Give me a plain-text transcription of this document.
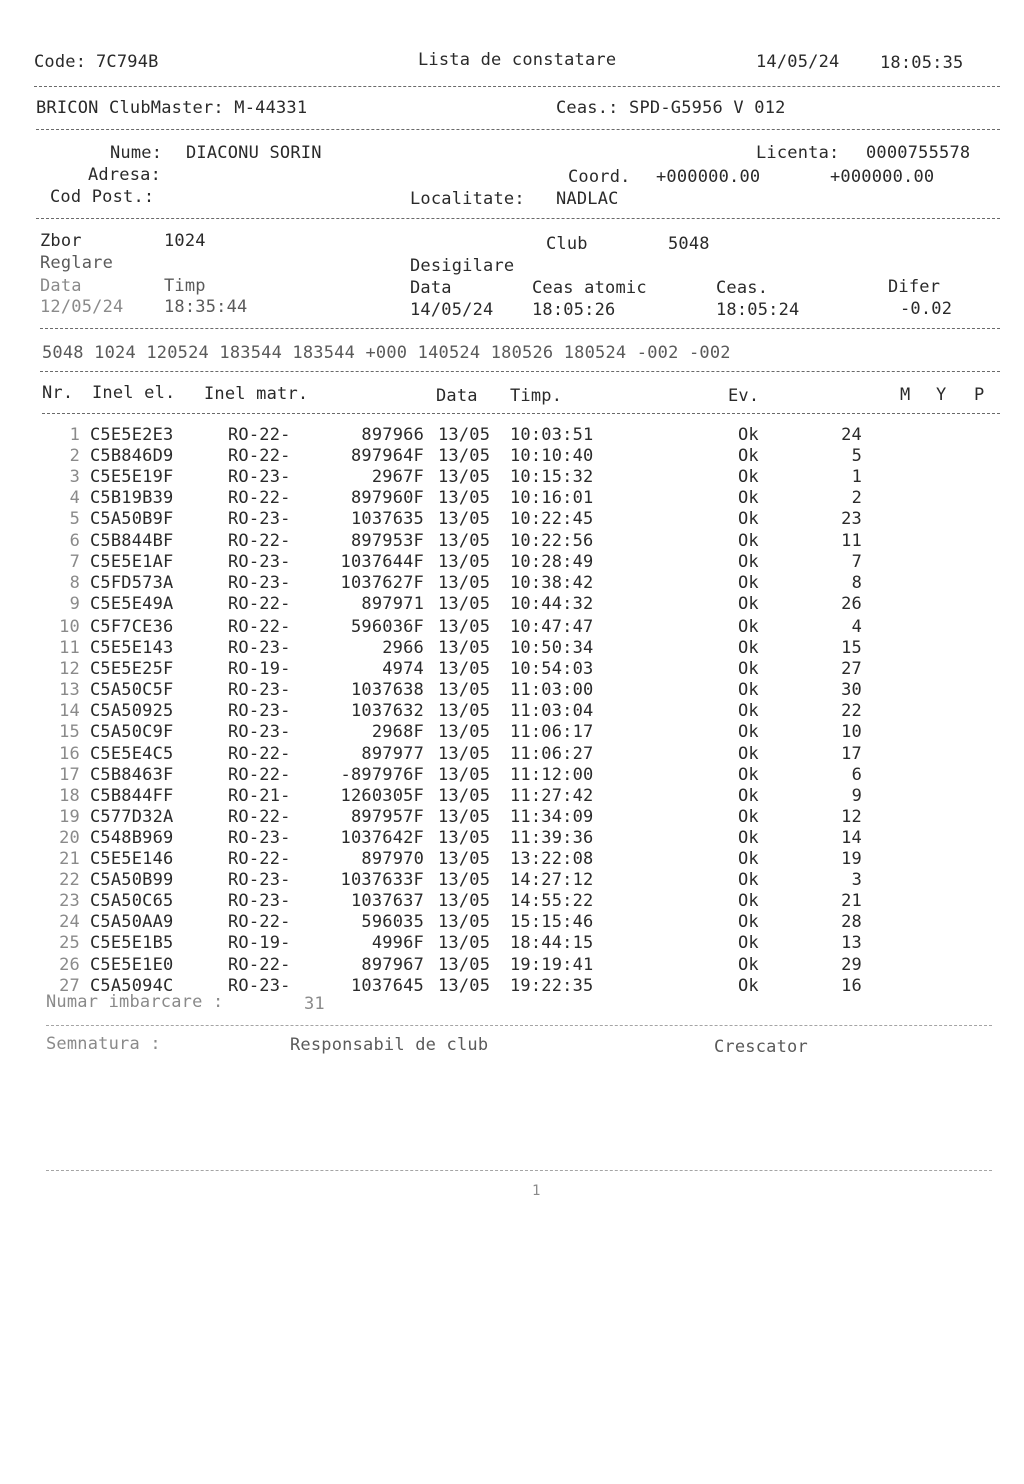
Code: 7C794B	Lista de constatare	14/05/24 18:05:35
BRICON ClubMaster: M-44331	Ceas.: SPD-G5956 V 012
Nume: DIACONU SORIN	Licenta: 0000755578
Adresa:	Coord. +000000.00	+000000.00
Cod Post.:	Localitate: NADLAC
Zbor	1024	Club	5048
Reglare	Desigilare
Data	Timp	Data	Ceas atomic	Ceas.	Difer
12/05/24 18:35:44	14/05/24 18:05:26	18:05:24	-0.02
5048 1024 120524 183544 183544 +000 140524 180526 180524 -002 -002
Nr. Inel el. Inel matr.	Data Timp.	Ev.	M Y P
1 C5E5E2E3	RO-22-	897966 13/05	10:03:51	Ok	24
2 C5B846D9	RO-22-	897964F 13/05	10:10:40	Ok	5
3 C5E5E19F	RO-23-	2967F 13/05	10:15:32	Ok	1
4 C5B19B39	RO-22-	897960F 13/05	10:16:01	Ok	2
5 C5A50B9F	RO-23-	1037635 13/05	10:22:45	Ok	23
6 C5B844BF	RO-22-	897953F 13/05	10:22:56	Ok	11
7 C5E5E1AF	RO-23-	1037644F 13/05	10:28:49	Ok	7
8 C5FD573A	RO-23-	1037627F 13/05	10:38:42	Ok	8
9 C5E5E49A	RO-22-	897971 13/05	10:44:32	Ok	26
10 C5F7CE36	RO-22-	596036F 13/05	10:47:47	Ok	4
11 C5E5E143	RO-23-	2966 13/05	10:50:34	Ok	15
12 C5E5E25F	RO-19-	4974 13/05	10:54:03	Ok	27
13 C5A50C5F	RO-23-	1037638 13/05	11:03:00	Ok	30
14 C5A50925	RO-23-	1037632 13/05	11:03:04	Ok	22
15 C5A50C9F	RO-23-	2968F 13/05	11:06:17	Ok	10
16 C5E5E4C5	RO-22-	897977 13/05	11:06:27	Ok	17
17 C5B8463F	RO-22-	-897976F 13/05	11:12:00	Ok	6
18 C5B844FF	RO-21-	1260305F 13/05	11:27:42	Ok	9
19 C577D32A	RO-22-	897957F 13/05	11:34:09	Ok	12
20 C548B969	RO-23-	1037642F 13/05	11:39:36	Ok	14
21 C5E5E146	RO-22-	897970 13/05	13:22:08	Ok	19
22 C5A50B99	RO-23-	1037633F 13/05	14:27:12	Ok	3
23 C5A50C65	RO-23-	1037637 13/05	14:55:22	Ok	21
24 C5A50AA9	RO-22-	596035 13/05	15:15:46	Ok	28
25 C5E5E1B5	RO-19-	4996F 13/05	18:44:15	Ok	13
26 C5E5E1E0	RO-22-	897967 13/05	19:19:41	Ok	29
27 C5A5094C	RO-23-	1037645 13/05	19:22:35	Ok	16
Numar imbarcare :	31
Semnatura :	Responsabil de club	Crescator
1
